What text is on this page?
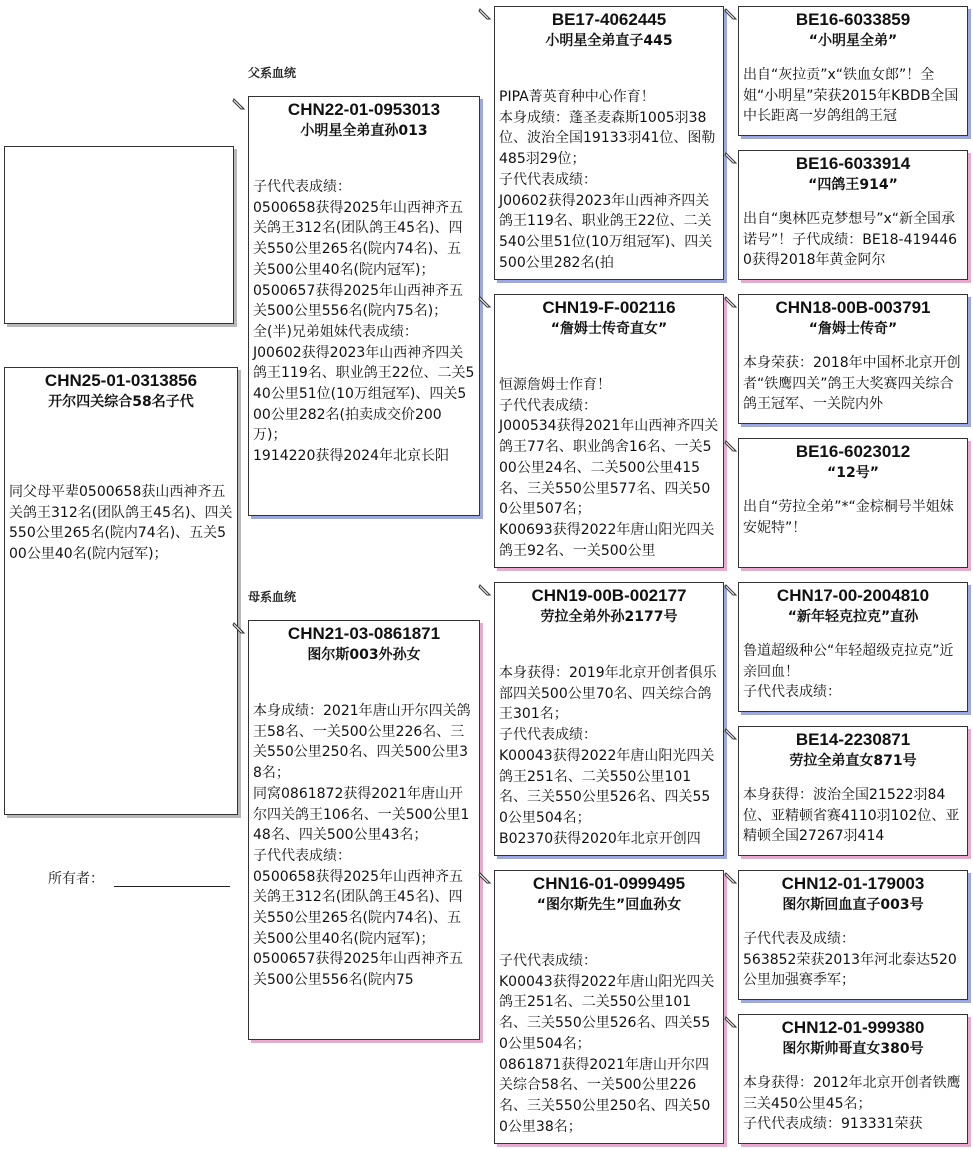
CHN25-01-0313856
开尔四关综合58名子代
同父母平辈0500658获山西神齐五关鸽王312名(团队鸽王45名)、四关550公里265名(院内74名)、五关500公里40名(院内冠军)；
父系血统
母系血统
CHN22-01-0953013
小明星全弟直孙013
子代代表成绩：
0500658获得2025年山西神齐五关鸽王312名(团队鸽王45名)、四关550公里265名(院内74名)、五关500公里40名(院内冠军)；
0500657获得2025年山西神齐五关500公里556名(院内75名)；
全(半)兄弟姐妹代表成绩：
J00602获得2023年山西神齐四关鸽王119名、职业鸽王22位、二关540公里51位(10万组冠军)、四关500公里282名(拍卖成交价200万)；
1914220获得2024年北京长阳
CHN21-03-0861871
图尔斯003外孙女
本身成绩：2021年唐山开尔四关鸽王58名、一关500公里226名、三关550公里250名、四关500公里38名；
同窝0861872获得2021年唐山开尔四关鸽王106名、一关500公里148名、四关500公里43名；
子代代表成绩：
0500658获得2025年山西神齐五关鸽王312名(团队鸽王45名)、四关550公里265名(院内74名)、五关500公里40名(院内冠军)；
0500657获得2025年山西神齐五关500公里556名(院内75
BE17-4062445
小明星全弟直子445
PIPA菁英育种中心作育！
本身成绩：蓬圣麦森斯1005羽38位、波治全国19133羽41位、图勒485羽29位；
子代代表成绩：
J00602获得2023年山西神齐四关鸽王119名、职业鸽王22位、二关540公里51位(10万组冠军)、四关500公里282名(拍
CHN19-F-002116
“詹姆士传奇直女”
恒源詹姆士作育！
子代代表成绩：
J000534获得2021年山西神齐四关鸽王77名、职业鸽舍16名、一关500公里24名、二关500公里415名、三关550公里577名、四关500公里507名；
K00693获得2022年唐山阳光四关鸽王92名、一关500公里
CHN19-00B-002177
劳拉全弟外孙2177号
本身获得：2019年北京开创者俱乐部四关500公里70名、四关综合鸽王301名；
子代代表成绩：
K00043获得2022年唐山阳光四关鸽王251名、二关550公里101名、三关550公里526名、四关550公里504名；
B02370获得2020年北京开创四
CHN16-01-0999495
“图尔斯先生”回血孙女
子代代表成绩：
K00043获得2022年唐山阳光四关鸽王251名、二关550公里101名、三关550公里526名、四关550公里504名；
0861871获得2021年唐山开尔四关综合58名、一关500公里226名、三关550公里250名、四关500公里38名；
BE16-6033859
“小明星全弟”
出自“灰拉贡”x“铁血女郎”！全姐“小明星”荣获2015年KBDB全国中长距离一岁鸽组鸽王冠
BE16-6033914
“四鸽王914”
出自“奥林匹克梦想号”x“新全国承诺号”！子代成绩：BE18-4194460获得2018年黄金阿尔
CHN18-00B-003791
“詹姆士传奇”
本身荣获：2018年中国杯北京开创者“铁鹰四关”鸽王大奖赛四关综合鸽王冠军、一关院内外
BE16-6023012
“12号”
出自“劳拉全弟”*“金棕桐号半姐妹安妮特”！
CHN17-00-2004810
“新年轻克拉克”直孙
鲁道超级种公“年轻超级克拉克”近亲回血！
子代代表成绩：
BE14-2230871
劳拉全弟直女871号
本身获得：波治全国21522羽84位、亚精顿省赛4110羽102位、亚精顿全国27267羽414
CHN12-01-179003
图尔斯回血直子003号
子代代表及成绩：
563852荣获2013年河北泰达520公里加强赛季军；
CHN12-01-999380
图尔斯帅哥直女380号
本身获得：2012年北京开创者铁鹰三关450公里45名；
子代代表成绩：913331荣获
所有者：
